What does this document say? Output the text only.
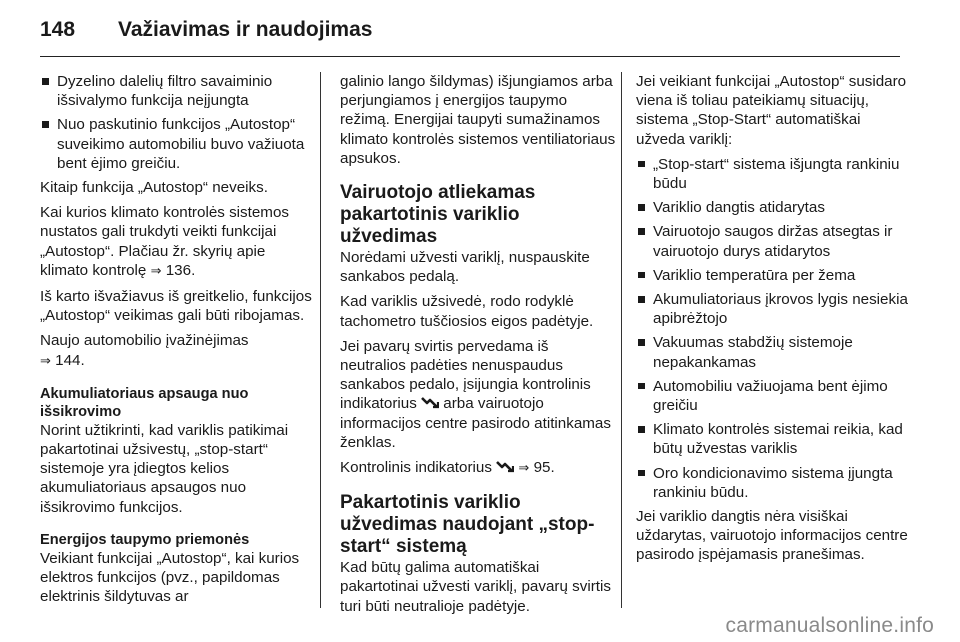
148 Važiavimas ir naudojimas
Dyzelino dalelių filtro savaiminio išsivalymo funkcija neįjungta
Nuo paskutinio funkcijos „Autostop“ suveikimo automobiliu buvo važiuota bent ėjimo greičiu.

Kitaip funkcija „Autostop“ neveiks.

Kai kurios klimato kontrolės sistemos nustatos gali trukdyti veikti funkcijai „Autostop“. Plačiau žr. skyrių apie klimato kontrolę ⇒ 136.

Iš karto išvažiavus iš greitkelio, funkcijos „Autostop“ veikimas gali būti ribojamas.

Naujo automobilio įvažinėjimas
⇒ 144.

Akumuliatoriaus apsauga nuo išsikrovimo

Norint užtikrinti, kad variklis patikimai pakartotinai užsivestų, „stop-start“ sistemoje yra įdiegtos kelios akumuliatoriaus apsaugos nuo išsikrovimo funkcijos.

Energijos taupymo priemonės

Veikiant funkcijai „Autostop“, kai kurios elektros funkcijos (pvz., papildomas elektrinis šildytuvas ar

galinio lango šildymas) išjungiamos arba perjungiamos į energijos taupymo režimą. Energijai taupyti sumažinamos klimato kontrolės sistemos ventiliatoriaus apsukos.

Vairuotojo atliekamas pakartotinis variklio užvedimas

Norėdami užvesti variklį, nuspauskite sankabos pedalą.

Kad variklis užsivedė, rodo rodyklė tachometro tuščiosios eigos padėtyje.

Jei pavarų svirtis pervedama iš neutralios padėties nenuspaudus sankabos pedalo, įsijungia kontrolinis indikatorius arba vairuotojo informacijos centre pasirodo atitinkamas ženklas.

Kontrolinis indikatorius ⇒ 95.

Pakartotinis variklio užvedimas naudojant „stop-start“ sistemą

Kad būtų galima automatiškai pakartotinai užvesti variklį, pavarų svirtis turi būti neutralioje padėtyje.

Jei veikiant funkcijai „Autostop“ susidaro viena iš toliau pateikiamų situacijų, sistema „Stop-Start“ automatiškai užveda variklį:

„Stop-start“ sistema išjungta rankiniu būdu
Variklio dangtis atidarytas
Vairuotojo saugos diržas atsegtas ir vairuotojo durys atidarytos
Variklio temperatūra per žema
Akumuliatoriaus įkrovos lygis nesiekia apibrėžtojo
Vakuumas stabdžių sistemoje nepakankamas
Automobiliu važiuojama bent ėjimo greičiu
Klimato kontrolės sistemai reikia, kad būtų užvestas variklis
Oro kondicionavimo sistema įjungta rankiniu būdu.

Jei variklio dangtis nėra visiškai uždarytas, vairuotojo informacijos centre pasirodo įspėjamasis pranešimas.

carmanualsonline.info
